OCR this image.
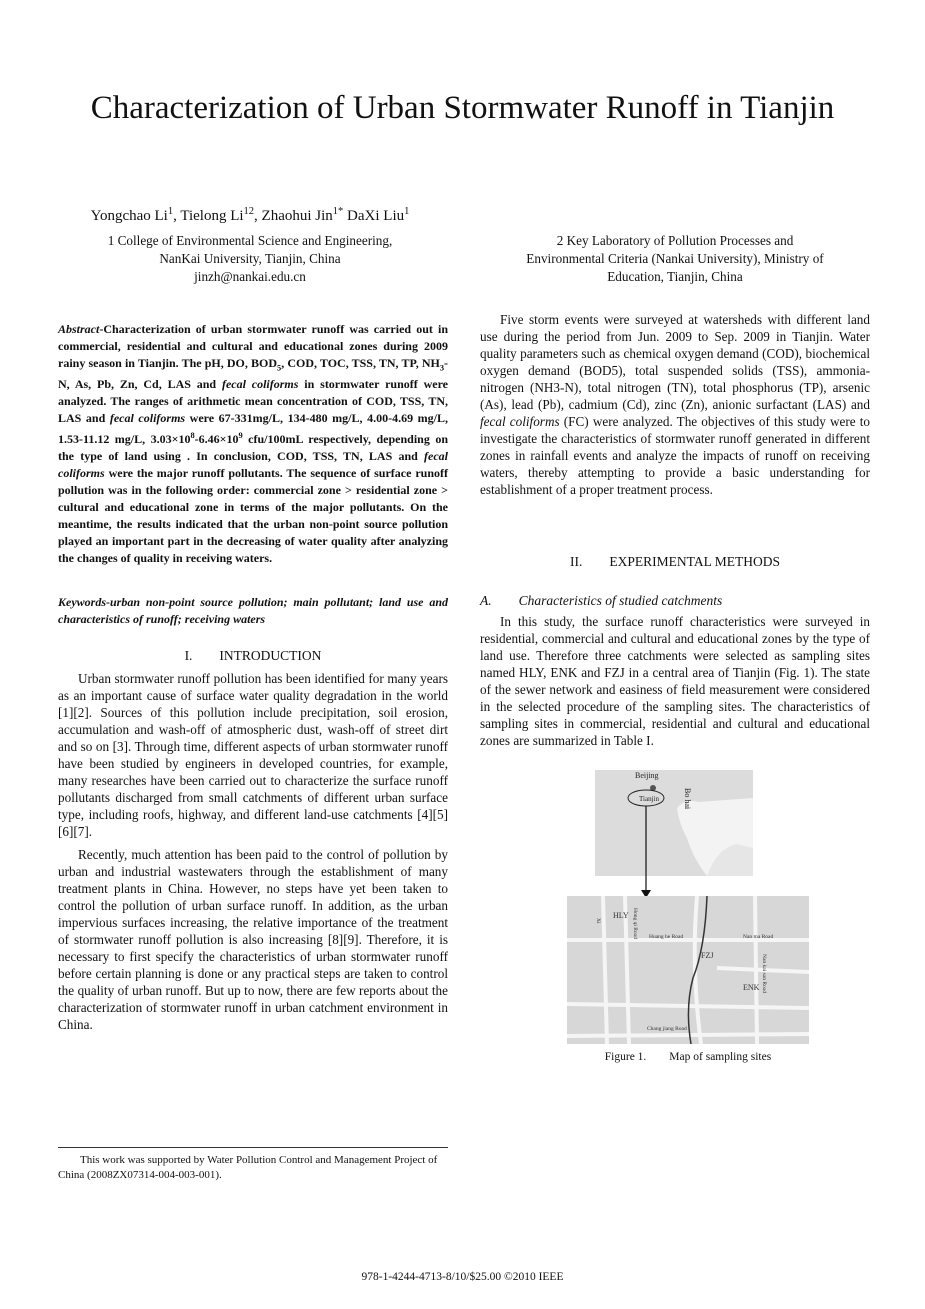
Characterization of Urban Stormwater Runoff in Tianjin
Yongchao Li$^1$, Tielong Li$^{12}$, Zhaohui Jin$^{1*}$ DaXi Liu$^1$
1 College of Environmental Science and Engineering,
NanKai University, Tianjin, China
jinzh@nankai.edu.cn
2 Key Laboratory of Pollution Processes and
Environmental Criteria (Nankai University), Ministry of
Education, Tianjin, China
Abstract-Characterization of urban stormwater runoff was carried out in commercial, residential and cultural and educational zones during 2009 rainy season in Tianjin. The pH, DO, $BOD_5$, COD, TOC, TSS, TN, TP, $NH_3-N$, As, Pb, Zn, Cd, LAS and fecal coliforms in stormwater runoff were analyzed. The ranges of arithmetic mean concentration of COD, TSS, TN, LAS and fecal coliforms were 67-331mg/L, 134-480 mg/L, 4.00-4.69 mg/L, 1.53-11.12 mg/L, $3.03\times 10^8-6.46\times 10^9$ cfu/100mL respectively, depending on the type of land using . In conclusion, COD, TSS, TN, LAS and fecal coliforms were the major runoff pollutants. The sequence of surface runoff pollution was in the following order: commercial zone > residential zone > cultural and educational zone in terms of the major pollutants. On the meantime, the results indicated that the urban non-point source pollution played an important part in the decreasing of water quality after analyzing the changes of quality in receiving waters.
Keywords-urban non-point source pollution; main pollutant; land use and characteristics of runoff; receiving waters
I.  INTRODUCTION

Urban stormwater runoff pollution has been identified for many years as an important cause of surface water quality degradation in the world [1][2]. Sources of this pollution include precipitation, soil erosion, accumulation and wash-off of atmospheric dust, wash-off of street dirt and so on [3]. Through time, different aspects of urban stormwater runoff have been studied by engineers in developed countries, for example, many researches have been carried out to characterize the surface runoff pollutants discharged from small catchments of different urban surface type, including roofs, highway, and different land-use catchments [4][5][6][7].

Recently, much attention has been paid to the control of pollution by urban and industrial wastewaters through the establishment of many treatment plants in China. However, no steps have yet been taken to control the pollution of urban surface runoff. In addition, as the urban impervious surfaces increasing, the relative importance of the treatment of stormwater runoff pollution is also increasing [8][9]. Therefore, it is necessary to first specify the characteristics of urban stormwater runoff before certain planning is done or any practical steps are taken to control the quality of urban runoff. But up to now, there are few reports about the characterization of stormwater runoff in urban catchment environment in China.

Five storm events were surveyed at watersheds with different land use during the period from Jun. 2009 to Sep. 2009 in Tianjin. Water quality parameters such as chemical oxygen demand (COD), biochemical oxygen demand (BOD5), total suspended solids (TSS), ammonia-nitrogen (NH3-N), total nitrogen (TN), total phosphorus (TP), arsenic (As), lead (Pb), cadmium (Cd), zinc (Zn), anionic surfactant (LAS) and fecal coliforms (FC) were analyzed. The objectives of this study were to investigate the characteristics of stormwater runoff generated in different zones in rainfall events and analyze the impacts of runoff on receiving waters, thereby attempting to provide a basic understanding for establishment of a proper treatment process.

II.  EXPERIMENTAL METHODS
A.  Characteristics of studied catchments

In this study, the surface runoff characteristics were surveyed in residential, commercial and cultural and educational zones by the type of land use. Therefore three catchments were selected as sampling sites named HLY, ENK and FZJ in a central area of Tianjin (Fig. 1). The state of the sewer network and easiness of field measurement were considered in the selected procedure of the sampling sites. The characteristics of sampling sites in commercial, residential and cultural and educational zones are summarized in Table I.

Beijing
Tianjin	Bo hai
HLY
FZJ
ENK
Huang he Road	Nan ma Road
Chang jiang Road
Hong qi Road
Nan kai san Road
Xi
Figure 1.  Map of sampling sites
This work was supported by Water Pollution Control and Management Project of China (2008ZX07314-004-003-001).
978-1-4244-4713-8/10/$25.00 ©2010 IEEE
